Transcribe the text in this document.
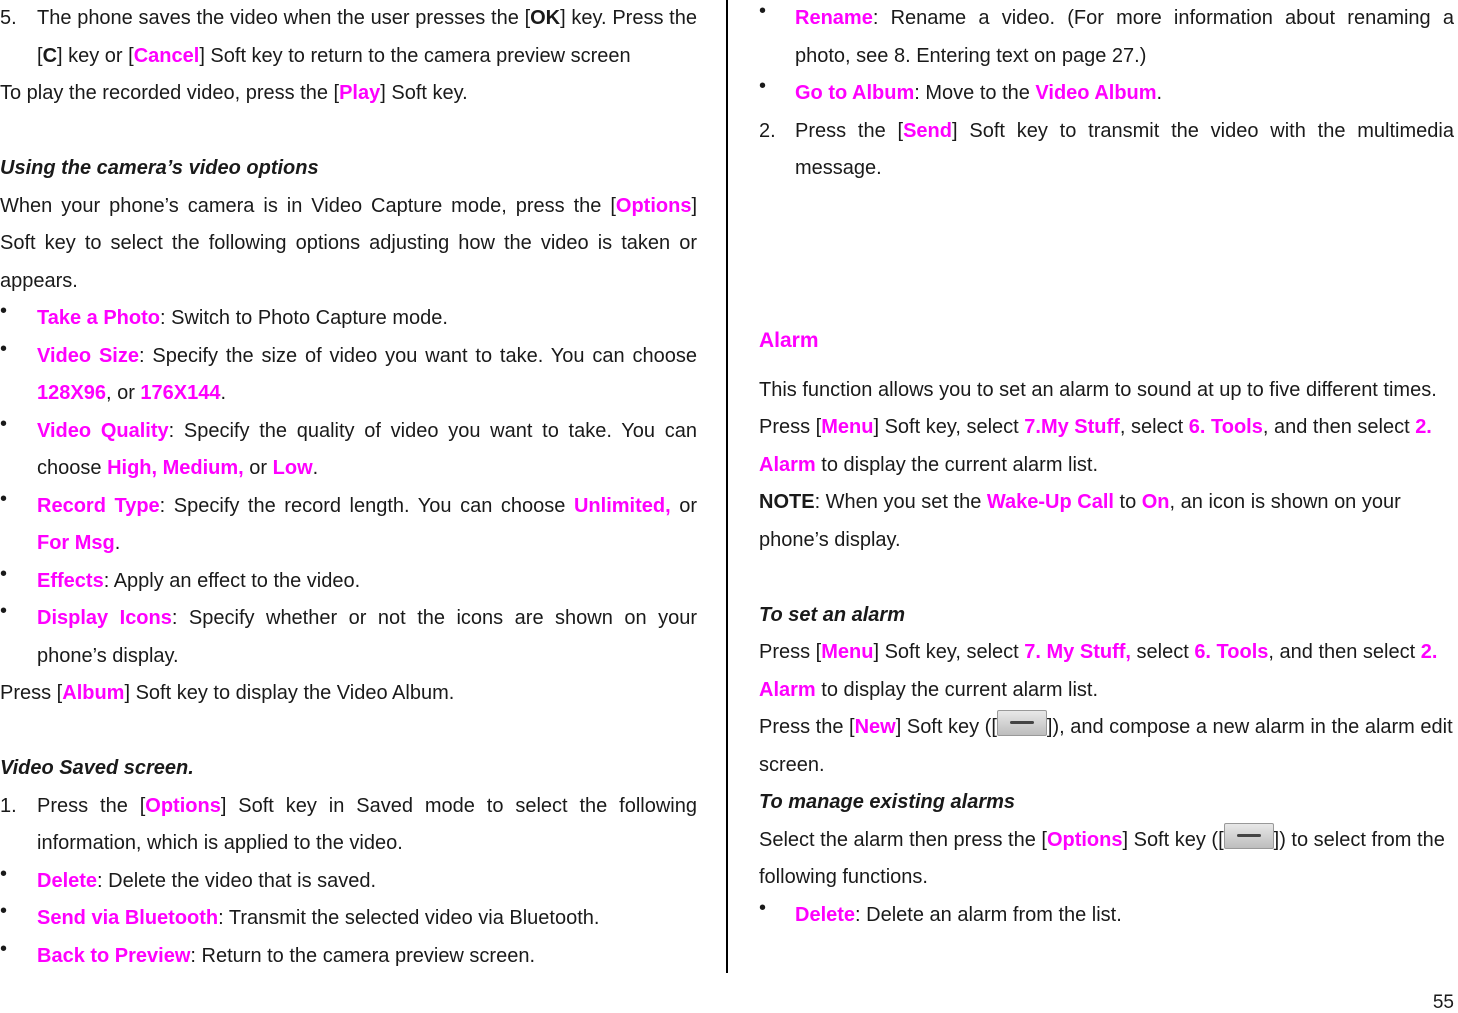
5. The phone saves the video when the user presses the [OK] key. Press the [C] key or [Cancel] Soft key to return to the camera preview screen

To play the recorded video, press the [Play] Soft key.

Using the camera’s video options

When your phone’s camera is in Video Capture mode, press the [Options] Soft key to select the following options adjusting how the video is taken or appears.

• Take a Photo: Switch to Photo Capture mode.

• Video Size: Specify the size of video you want to take. You can choose 128X96, or 176X144.

• Video Quality: Specify the quality of video you want to take. You can choose High, Medium, or Low.

• Record Type: Specify the record length. You can choose Unlimited, or For Msg.

• Effects: Apply an effect to the video.

• Display Icons: Specify whether or not the icons are shown on your phone’s display.

Press [Album] Soft key to display the Video Album.

Video Saved screen.

1. Press the [Options] Soft key in Saved mode to select the following information, which is applied to the video.

• Delete: Delete the video that is saved.

• Send via Bluetooth: Transmit the selected video via Bluetooth.

• Back to Preview: Return to the camera preview screen.

• Rename: Rename a video. (For more information about renaming a photo, see 8. Entering text on page 27.)

• Go to Album: Move to the Video Album.

2. Press the [Send] Soft key to transmit the video with the multimedia message.

Alarm

This function allows you to set an alarm to sound at up to five different times.

Press [Menu] Soft key, select 7.My Stuff, select 6. Tools, and then select 2. Alarm to display the current alarm list.

NOTE: When you set the Wake-Up Call to On, an icon is shown on your phone’s display.

To set an alarm

Press [Menu] Soft key, select 7. My Stuff, select 6. Tools, and then select 2. Alarm to display the current alarm list.

Press the [New] Soft key ([	]), and compose a new alarm in the alarm edit screen.

To manage existing alarms

Select the alarm then press the [Options] Soft key ([	]) to select from the following functions.

• Delete: Delete an alarm from the list.

55
